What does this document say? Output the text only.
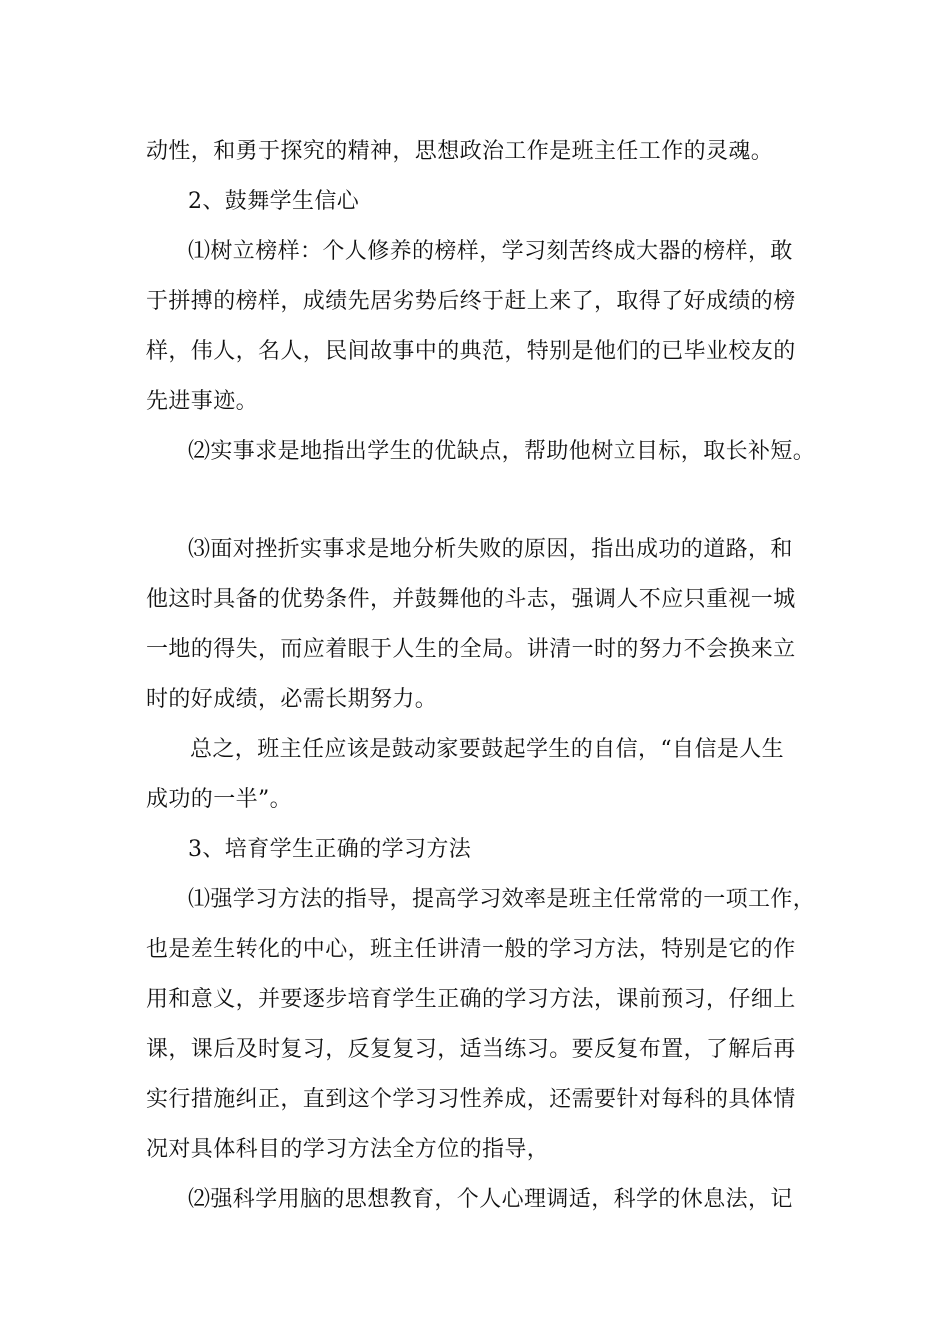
动性，和勇于探究的精神，思想政治工作是班主任工作的灵魂。
2、鼓舞学生信心
⑴树立榜样：个人修养的榜样，学习刻苦终成大器的榜样，敢
于拼搏的榜样，成绩先居劣势后终于赶上来了，取得了好成绩的榜
样，伟人，名人，民间故事中的典范，特别是他们的已毕业校友的
先进事迹。
⑵实事求是地指出学生的优缺点，帮助他树立目标，取长补短。
⑶面对挫折实事求是地分析失败的原因，指出成功的道路，和
他这时具备的优势条件，并鼓舞他的斗志，强调人不应只重视一城
一地的得失，而应着眼于人生的全局。讲清一时的努力不会换来立
时的好成绩，必需长期努力。
总之，班主任应该是鼓动家要鼓起学生的自信，“自信是人生
成功的一半”。
3、培育学生正确的学习方法
⑴强学习方法的指导，提高学习效率是班主任常常的一项工作，
也是差生转化的中心，班主任讲清一般的学习方法，特别是它的作
用和意义，并要逐步培育学生正确的学习方法，课前预习，仔细上
课，课后及时复习，反复复习，适当练习。要反复布置，了解后再
实行措施纠正，直到这个学习习性养成，还需要针对每科的具体情
况对具体科目的学习方法全方位的指导，
⑵强科学用脑的思想教育，个人心理调适，科学的休息法，记
